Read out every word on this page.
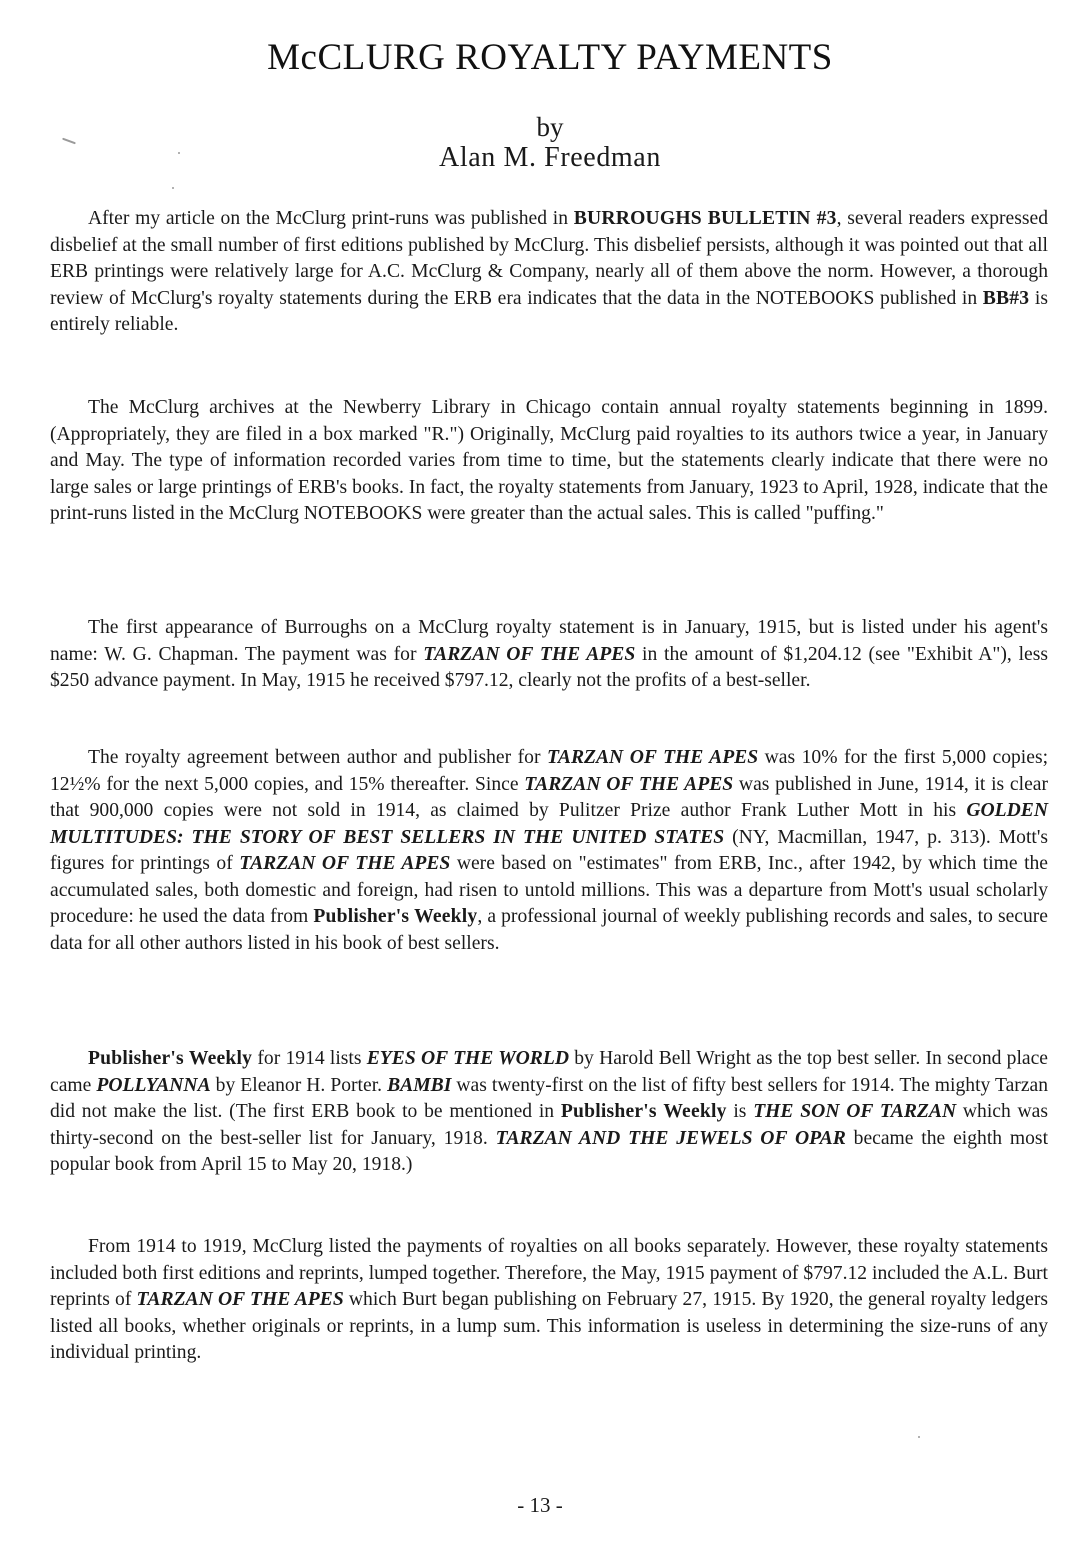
McCLURG ROYALTY PAYMENTS

by

Alan M. Freedman

After my article on the McClurg print-runs was published in BURROUGHS BULLETIN #3, several readers expressed disbelief at the small number of first editions published by McClurg. This disbelief persists, although it was pointed out that all ERB printings were relatively large for A.C. McClurg & Company, nearly all of them above the norm. However, a thorough review of McClurg's royalty statements during the ERB era indicates that the data in the NOTEBOOKS published in BB#3 is entirely reliable.

The McClurg archives at the Newberry Library in Chicago contain annual royalty statements beginning in 1899. (Appropriately, they are filed in a box marked "R.") Originally, McClurg paid royalties to its authors twice a year, in January and May. The type of information recorded varies from time to time, but the statements clearly indicate that there were no large sales or large printings of ERB's books. In fact, the royalty statements from January, 1923 to April, 1928, indicate that the print-runs listed in the McClurg NOTEBOOKS were greater than the actual sales. This is called "puffing."

The first appearance of Burroughs on a McClurg royalty statement is in January, 1915, but is listed under his agent's name: W. G. Chapman. The payment was for TARZAN OF THE APES in the amount of $1,204.12 (see "Exhibit A"), less $250 advance payment. In May, 1915 he received $797.12, clearly not the profits of a best-seller.

The royalty agreement between author and publisher for TARZAN OF THE APES was 10% for the first 5,000 copies; 12½% for the next 5,000 copies, and 15% thereafter. Since TARZAN OF THE APES was published in June, 1914, it is clear that 900,000 copies were not sold in 1914, as claimed by Pulitzer Prize author Frank Luther Mott in his GOLDEN MULTITUDES: THE STORY OF BEST SELLERS IN THE UNITED STATES (NY, Macmillan, 1947, p. 313). Mott's figures for printings of TARZAN OF THE APES were based on "estimates" from ERB, Inc., after 1942, by which time the accumulated sales, both domestic and foreign, had risen to untold millions. This was a departure from Mott's usual scholarly procedure: he used the data from Publisher's Weekly, a professional journal of weekly publishing records and sales, to secure data for all other authors listed in his book of best sellers.

Publisher's Weekly for 1914 lists EYES OF THE WORLD by Harold Bell Wright as the top best seller. In second place came POLLYANNA by Eleanor H. Porter. BAMBI was twenty-first on the list of fifty best sellers for 1914. The mighty Tarzan did not make the list. (The first ERB book to be mentioned in Publisher's Weekly is THE SON OF TARZAN which was thirty-second on the best-seller list for January, 1918. TARZAN AND THE JEWELS OF OPAR became the eighth most popular book from April 15 to May 20, 1918.)

From 1914 to 1919, McClurg listed the payments of royalties on all books separately. However, these royalty statements included both first editions and reprints, lumped together. Therefore, the May, 1915 payment of $797.12 included the A.L. Burt reprints of TARZAN OF THE APES which Burt began publishing on February 27, 1915. By 1920, the general royalty ledgers listed all books, whether originals or reprints, in a lump sum. This information is useless in determining the size-runs of any individual printing.

- 13 -
